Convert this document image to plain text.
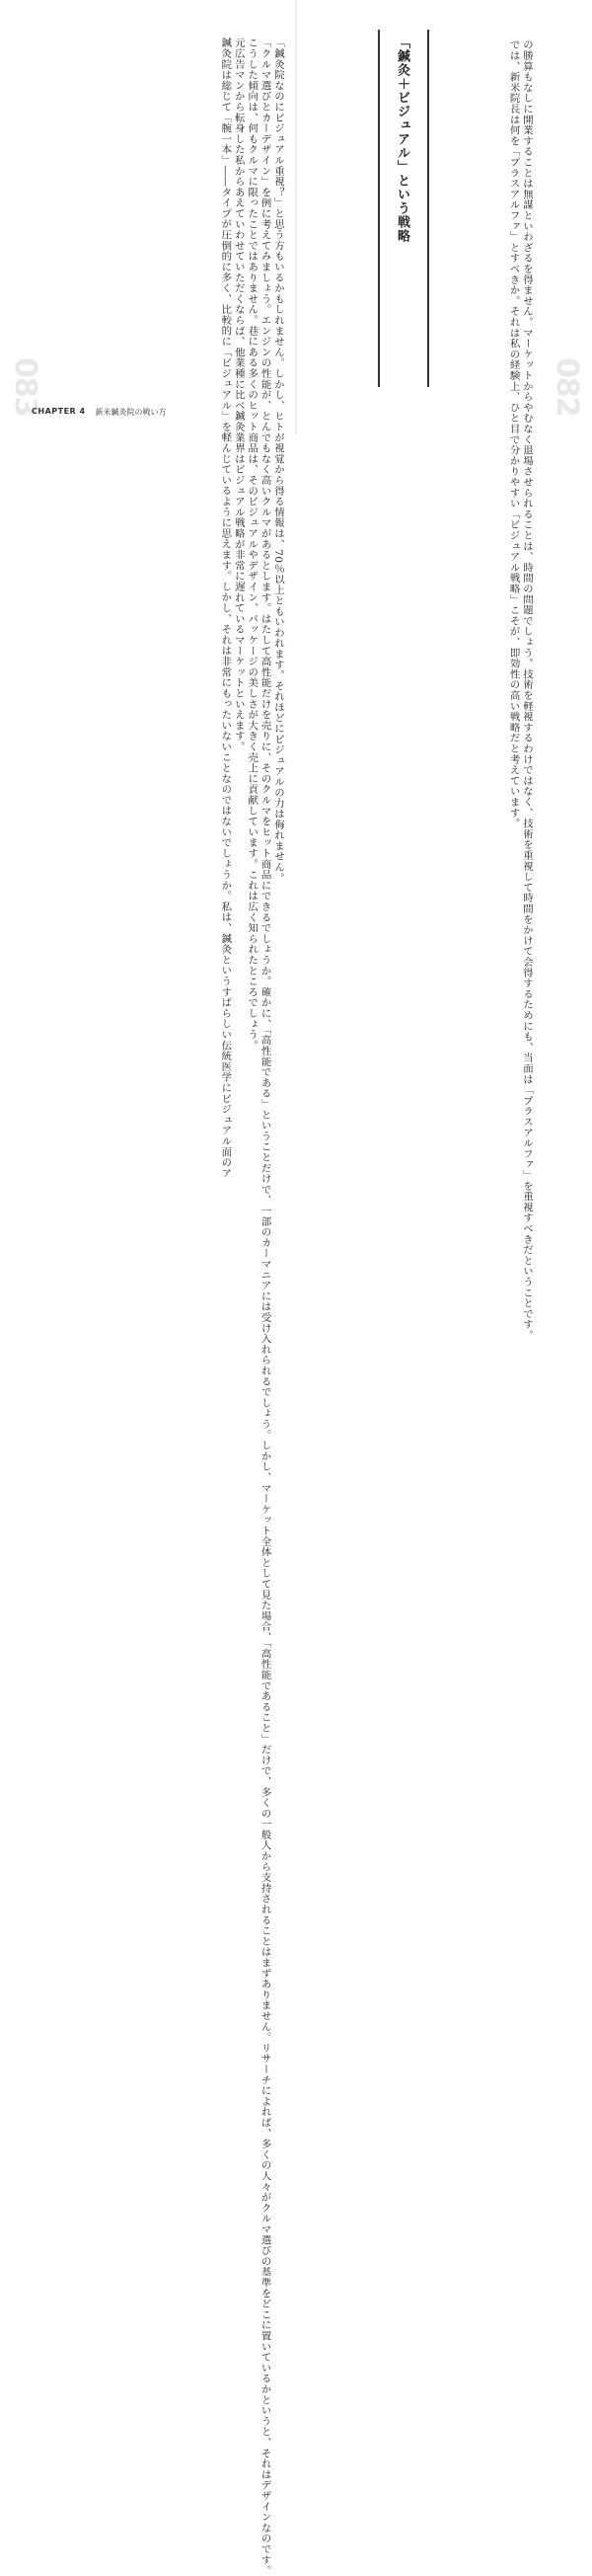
の勝算もなしに開業することは無謀といわざるを得ません。マーケットからやむなく退場させられることは、時間の問題でしょう。技術を軽視するわけではなく、技術を重視して時間をかけて会得するためにも、当面は「プラスアルファ」を重視すべきだということです。

では、新米院長は何を「プラスアルファ」とすべきか。それは私の経験上、ひと目で分かりやすい「ビジュアル戦略」こそが、即効性の高い戦略だと考えています。

「鍼灸＋ビジュアル」という戦略

「鍼灸院なのにビジュアル重視？」と思う方もいるかもしれません。しかし、ヒトが視覚から得る情報は、70％以上ともいわれます。それほどにビジュアルの力は侮れません。

「クルマ選びとカーデザイン」を例に考えてみましょう。エンジンの性能が、とんでもなく高いクルマがあるとします。はたして高性能だけを売りに、そのクルマをヒット商品にできるでしょうか。確かに、「高性能である」ということだけで、一部のカーマニアには受け入れられるでしょう。しかし、マーケット全体として見た場合、「高性能であること」だけで、多くの一般人から支持されることはまずありません。リサーチによれば、多くの人々がクルマ選びの基準をどこに置いているかというと、それはデザインなのです。

こうした傾向は、何もクルマに限ったことではありません。巷にある多くのヒット商品は、そのビジュアルやデザイン、パッケージの美しさが大きく売上に貢献しています。これは広く知られたところでしょう。

元広告マンから転身した私からあえていわせていただくならば、他業種に比べ鍼灸業界はビジュアル戦略が非常に遅れているマーケットといえます。

鍼灸院は総じて「腕一本」――タイプが圧倒的に多く、比較的に「ビジュアル」を軽んじているように思えます。しかし、それは非常にもったいないことなのではないでしょうか。私は、鍼灸というすばらしい伝統医学にビジュアル面のア

083	082
CHAPTER 4 新米鍼灸院の戦い方
